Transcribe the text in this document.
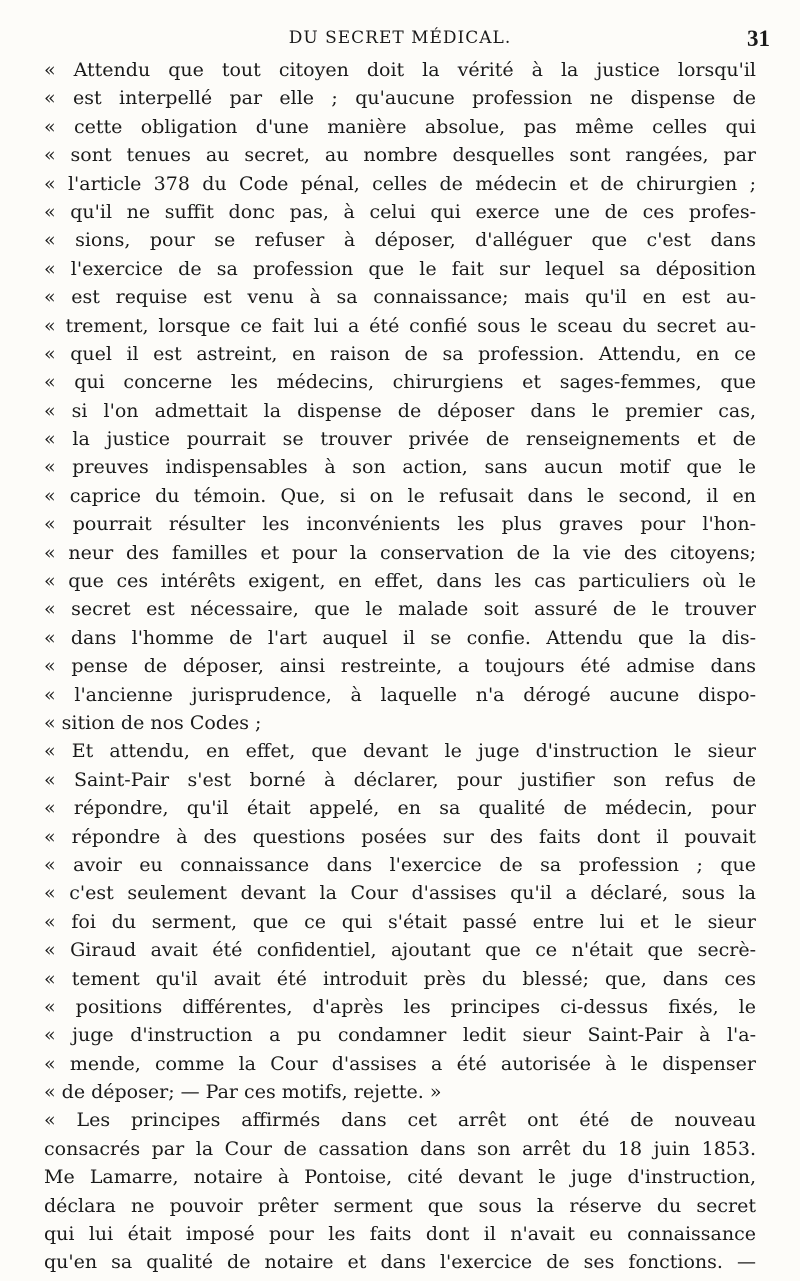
DU SECRET MÉDICAL.	31
« Attendu que tout citoyen doit la vérité à la justice lorsqu'il
« est interpellé par elle ; qu'aucune profession ne dispense de
« cette obligation d'une manière absolue, pas même celles qui
« sont tenues au secret, au nombre desquelles sont rangées, par
« l'article 378 du Code pénal, celles de médecin et de chirurgien ;
« qu'il ne suffit donc pas, à celui qui exerce une de ces profes-
« sions, pour se refuser à déposer, d'alléguer que c'est dans
« l'exercice de sa profession que le fait sur lequel sa déposition
« est requise est venu à sa connaissance; mais qu'il en est au-
« trement, lorsque ce fait lui a été confié sous le sceau du secret au-
« quel il est astreint, en raison de sa profession. Attendu, en ce
« qui concerne les médecins, chirurgiens et sages-femmes, que
« si l'on admettait la dispense de déposer dans le premier cas,
« la justice pourrait se trouver privée de renseignements et de
« preuves indispensables à son action, sans aucun motif que le
« caprice du témoin. Que, si on le refusait dans le second, il en
« pourrait résulter les inconvénients les plus graves pour l'hon-
« neur des familles et pour la conservation de la vie des citoyens;
« que ces intérêts exigent, en effet, dans les cas particuliers où le
« secret est nécessaire, que le malade soit assuré de le trouver
« dans l'homme de l'art auquel il se confie. Attendu que la dis-
« pense de déposer, ainsi restreinte, a toujours été admise dans
« l'ancienne jurisprudence, à laquelle n'a dérogé aucune dispo-
« sition de nos Codes ;
« Et attendu, en effet, que devant le juge d'instruction le sieur
« Saint-Pair s'est borné à déclarer, pour justifier son refus de
« répondre, qu'il était appelé, en sa qualité de médecin, pour
« répondre à des questions posées sur des faits dont il pouvait
« avoir eu connaissance dans l'exercice de sa profession ; que
« c'est seulement devant la Cour d'assises qu'il a déclaré, sous la
« foi du serment, que ce qui s'était passé entre lui et le sieur
« Giraud avait été confidentiel, ajoutant que ce n'était que secrè-
« tement qu'il avait été introduit près du blessé; que, dans ces
« positions différentes, d'après les principes ci-dessus fixés, le
« juge d'instruction a pu condamner ledit sieur Saint-Pair à l'a-
« mende, comme la Cour d'assises a été autorisée à le dispenser
« de déposer; — Par ces motifs, rejette. »
« Les principes affirmés dans cet arrêt ont été de nouveau
consacrés par la Cour de cassation dans son arrêt du 18 juin 1853.
Me Lamarre, notaire à Pontoise, cité devant le juge d'instruction,
déclara ne pouvoir prêter serment que sous la réserve du secret
qui lui était imposé pour les faits dont il n'avait eu connaissance
qu'en sa qualité de notaire et dans l'exercice de ses fonctions. —
